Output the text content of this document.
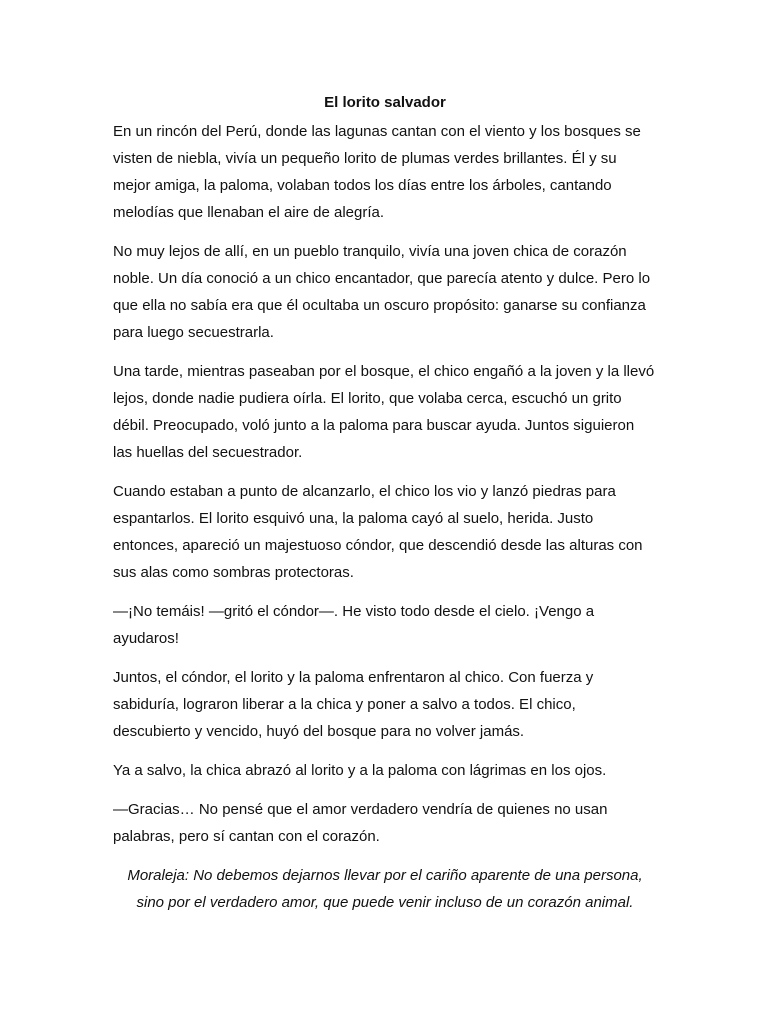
El lorito salvador

En un rincón del Perú, donde las lagunas cantan con el viento y los bosques se visten de niebla, vivía un pequeño lorito de plumas verdes brillantes. Él y su mejor amiga, la paloma, volaban todos los días entre los árboles, cantando melodías que llenaban el aire de alegría.

No muy lejos de allí, en un pueblo tranquilo, vivía una joven chica de corazón noble. Un día conoció a un chico encantador, que parecía atento y dulce. Pero lo que ella no sabía era que él ocultaba un oscuro propósito: ganarse su confianza para luego secuestrarla.

Una tarde, mientras paseaban por el bosque, el chico engañó a la joven y la llevó lejos, donde nadie pudiera oírla. El lorito, que volaba cerca, escuchó un grito débil. Preocupado, voló junto a la paloma para buscar ayuda. Juntos siguieron las huellas del secuestrador.

Cuando estaban a punto de alcanzarlo, el chico los vio y lanzó piedras para espantarlos. El lorito esquivó una, la paloma cayó al suelo, herida. Justo entonces, apareció un majestuoso cóndor, que descendió desde las alturas con sus alas como sombras protectoras.

—¡No temáis! —gritó el cóndor—. He visto todo desde el cielo. ¡Vengo a ayudaros!

Juntos, el cóndor, el lorito y la paloma enfrentaron al chico. Con fuerza y sabiduría, lograron liberar a la chica y poner a salvo a todos. El chico, descubierto y vencido, huyó del bosque para no volver jamás.

Ya a salvo, la chica abrazó al lorito y a la paloma con lágrimas en los ojos.

—Gracias… No pensé que el amor verdadero vendría de quienes no usan palabras, pero sí cantan con el corazón.

Moraleja: No debemos dejarnos llevar por el cariño aparente de una persona, sino por el verdadero amor, que puede venir incluso de un corazón animal.
